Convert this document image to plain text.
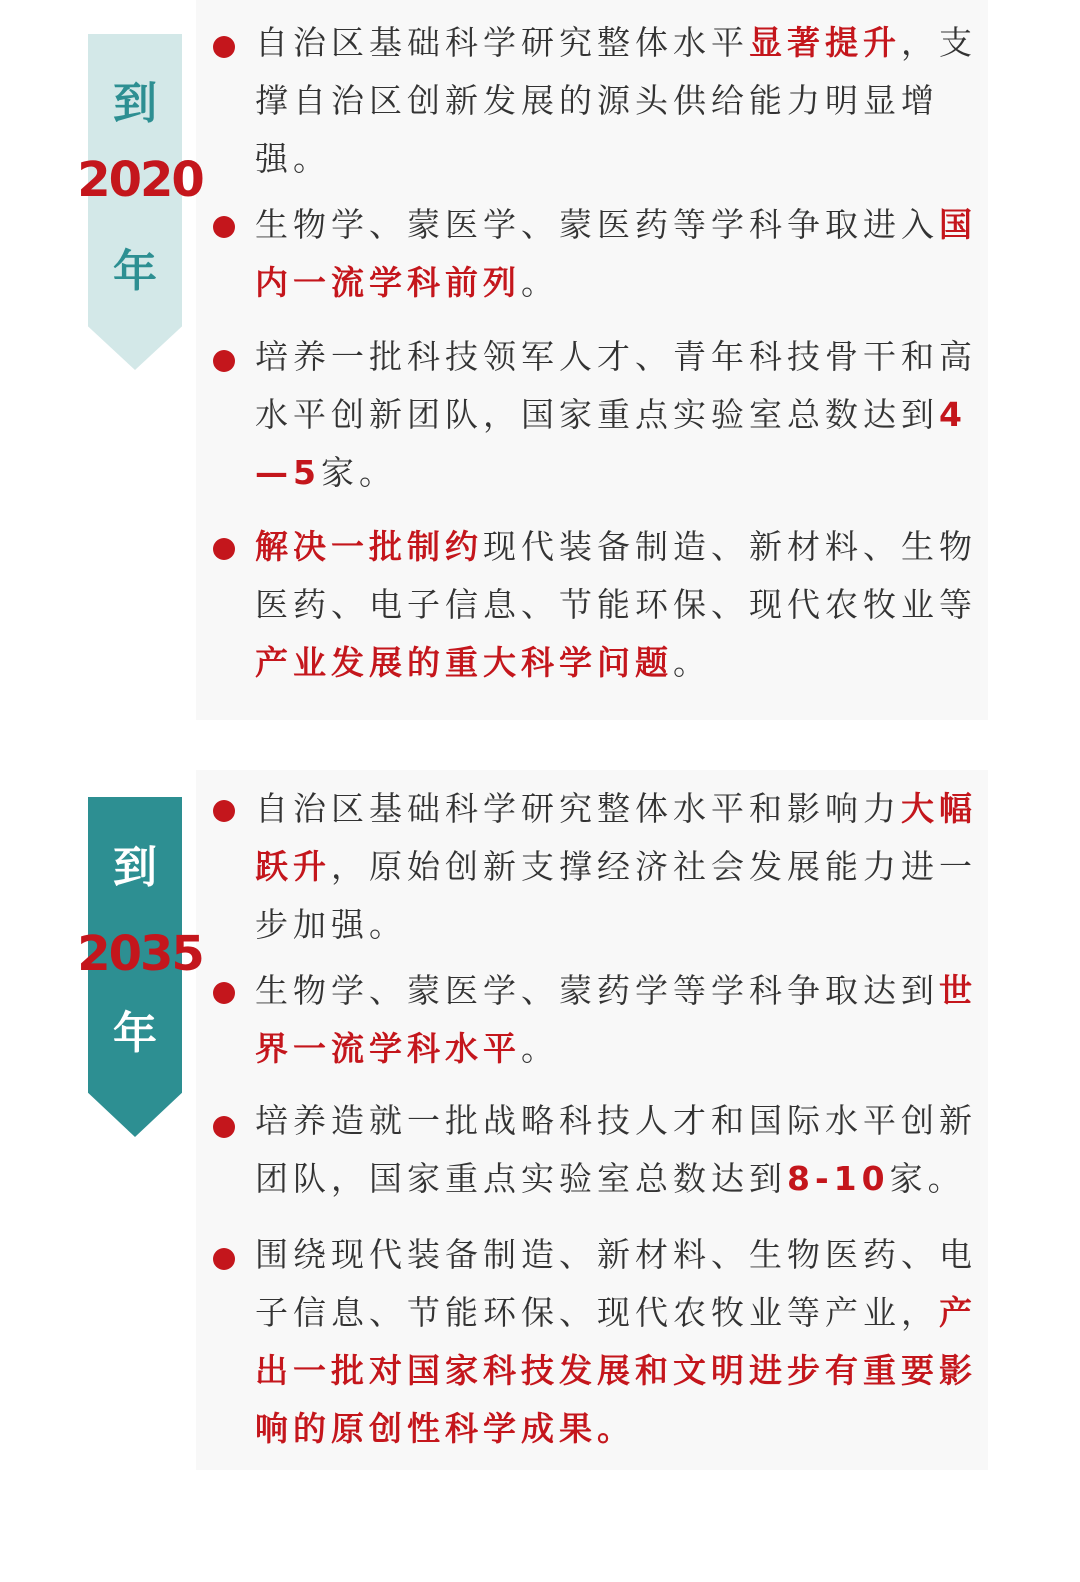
到
2020
年
到
2035
年
自治区基础科学研究整体水平显著提升，支撑自治区创新发展的源头供给能力明显增强。
生物学、蒙医学、蒙医药等学科争取进入国内一流学科前列。
培养一批科技领军人才、青年科技骨干和高水平创新团队，国家重点实验室总数达到4—5家。
解决一批制约现代装备制造、新材料、生物医药、电子信息、节能环保、现代农牧业等产业发展的重大科学问题。
自治区基础科学研究整体水平和影响力大幅跃升，原始创新支撑经济社会发展能力进一步加强。
生物学、蒙医学、蒙药学等学科争取达到世界一流学科水平。
培养造就一批战略科技人才和国际水平创新团队，国家重点实验室总数达到8-10家。
围绕现代装备制造、新材料、生物医药、电子信息、节能环保、现代农牧业等产业，产出一批对国家科技发展和文明进步有重要影响的原创性科学成果。
